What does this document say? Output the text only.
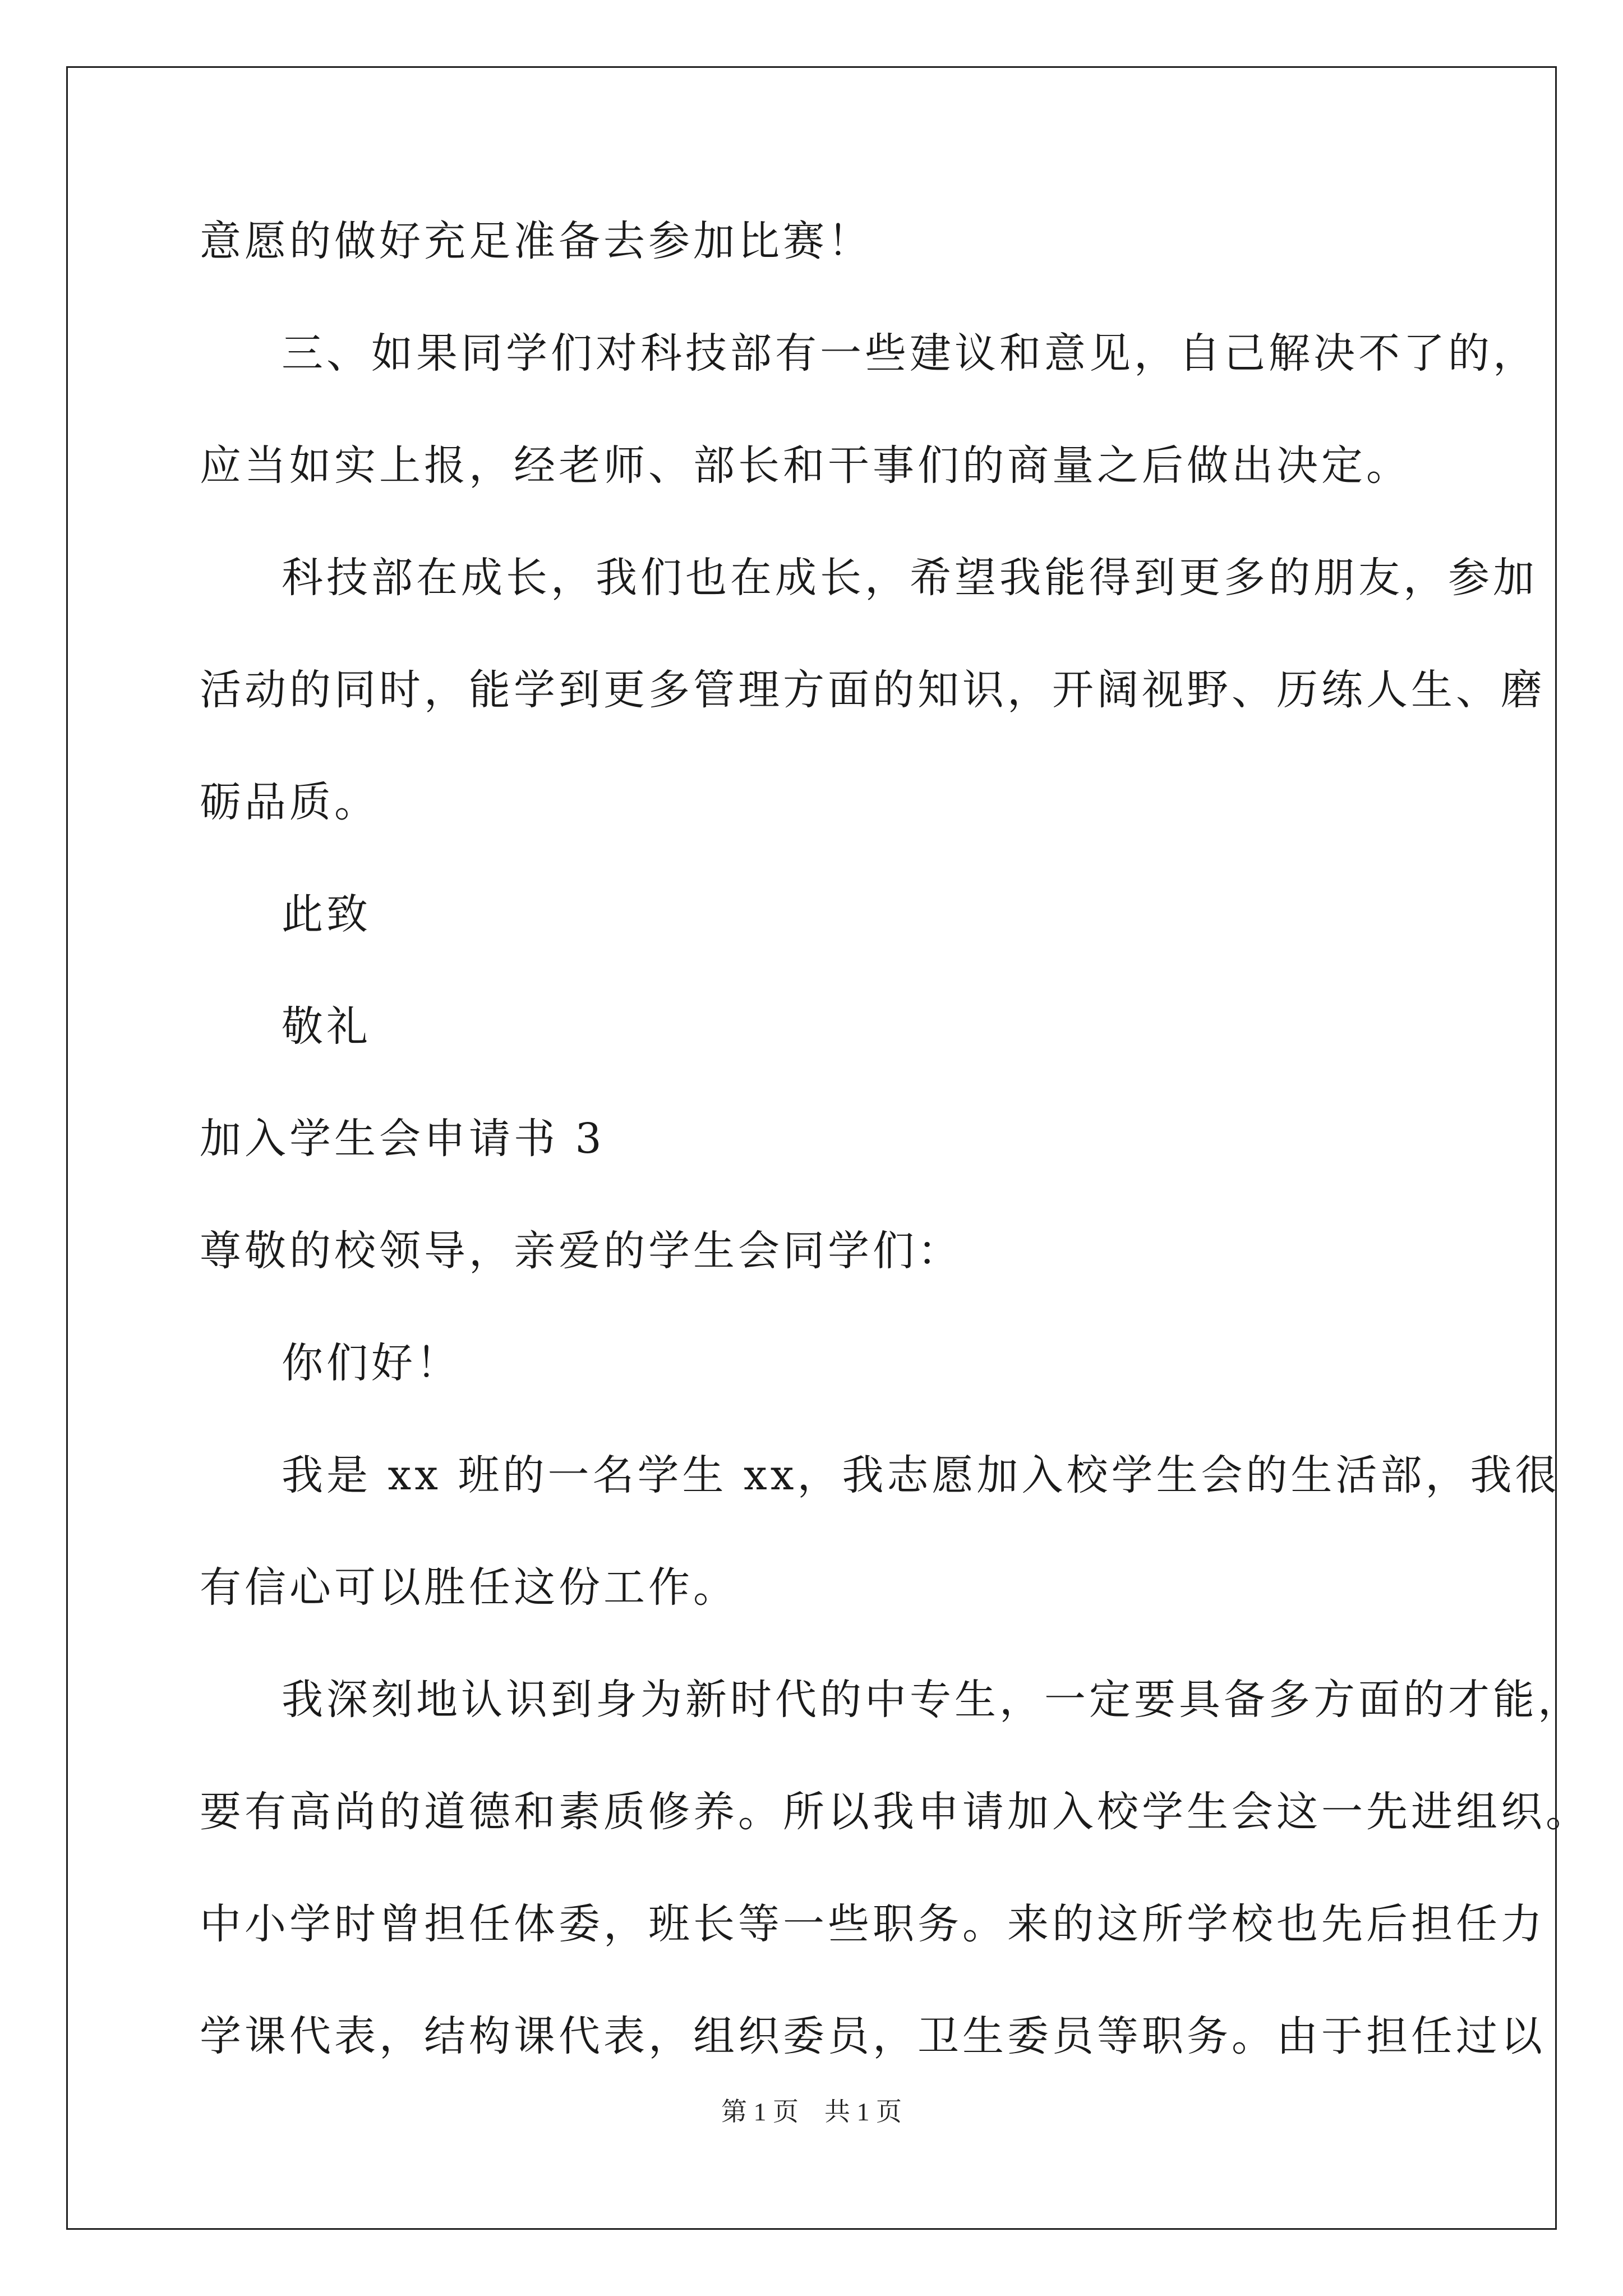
意愿的做好充足准备去参加比赛！
三、如果同学们对科技部有一些建议和意见，自己解决不了的，
应当如实上报，经老师、部长和干事们的商量之后做出决定。
科技部在成长，我们也在成长，希望我能得到更多的朋友，参加
活动的同时，能学到更多管理方面的知识，开阔视野、历练人生、磨
砺品质。
此致
敬礼
加入学生会申请书 3
尊敬的校领导，亲爱的学生会同学们：
你们好！
我是 xx 班的一名学生 xx，我志愿加入校学生会的生活部，我很
有信心可以胜任这份工作。
我深刻地认识到身为新时代的中专生，一定要具备多方面的才能，
要有高尚的道德和素质修养。所以我申请加入校学生会这一先进组织。
中小学时曾担任体委，班长等一些职务。来的这所学校也先后担任力
学课代表，结构课代表，组织委员，卫生委员等职务。由于担任过以
第 1 页　共 1 页
